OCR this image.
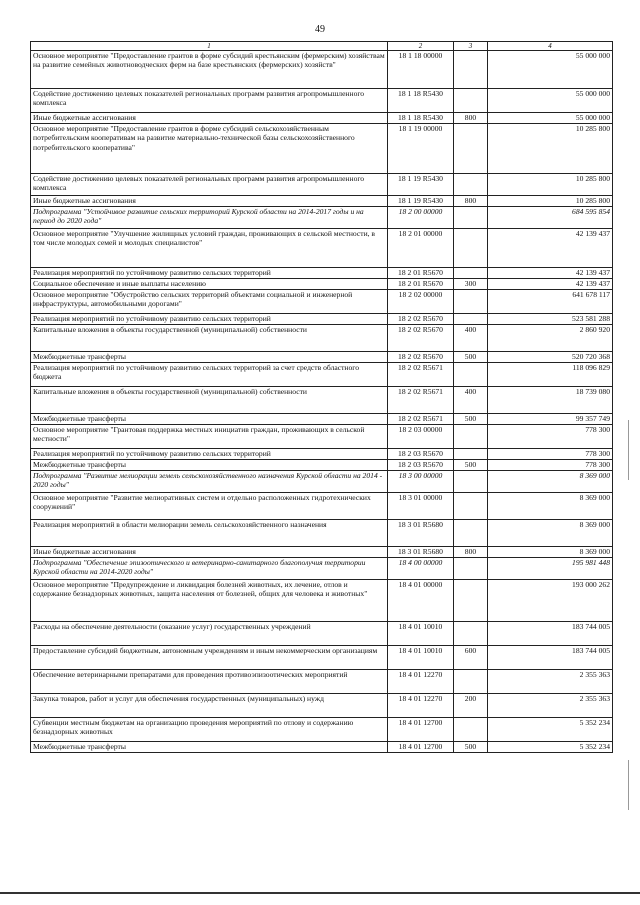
49
1	2	3	4
Основное мероприятие "Предоставление грантов в форме субсидий крестьянским (фермерским) хозяйствам на развитие семейных животноводческих ферм на базе крестьянских (фермерских) хозяйств"	18 1 18 00000		55 000 000
Содействие достижению целевых показателей региональных программ развития агропромышленного комплекса	18 1 18 R5430		55 000 000
Иные бюджетные ассигнования	18 1 18 R5430	800	55 000 000
Основное мероприятие "Предоставление грантов в форме субсидий сельскохозяйственным потребительским кооперативам на развитие материально-технической базы сельскохозяйственного потребительского кооператива"	18 1 19 00000		10 285 800
Содействие достижению целевых показателей региональных программ развития агропромышленного комплекса	18 1 19 R5430		10 285 800
Иные бюджетные ассигнования	18 1 19 R5430	800	10 285 800
Подпрограмма "Устойчивое развитие сельских территорий Курской области на 2014-2017 годы и на период до 2020 года"	18 2 00 00000		684 595 854
Основное мероприятие "Улучшение жилищных условий граждан, проживающих в сельской местности, в том числе молодых семей и молодых специалистов"	18 2 01 00000		42 139 437
Реализация мероприятий по устойчивому развитию сельских территорий	18 2 01 R5670		42 139 437
Социальное обеспечение и иные выплаты населению	18 2 01 R5670	300	42 139 437
Основное мероприятие "Обустройство сельских территорий объектами социальной и инженерной инфраструктуры, автомобильными дорогами"	18 2 02 00000		641 678 117
Реализация мероприятий по устойчивому развитию сельских территорий	18 2 02 R5670		523 581 288
Капитальные вложения в объекты государственной (муниципальной) собственности	18 2 02 R5670	400	2 860 920
Межбюджетные трансферты	18 2 02 R5670	500	520 720 368
Реализация мероприятий по устойчивому развитию сельских территорий за счет средств областного бюджета	18 2 02 R5671		118 096 829
Капитальные вложения в объекты государственной (муниципальной) собственности	18 2 02 R5671	400	18 739 080
Межбюджетные трансферты	18 2 02 R5671	500	99 357 749
Основное мероприятие "Грантовая поддержка местных инициатив граждан, проживающих в сельской местности"	18 2 03 00000		778 300
Реализация мероприятий по устойчивому развитию сельских территорий	18 2 03 R5670		778 300
Межбюджетные трансферты	18 2 03 R5670	500	778 300
Подпрограмма "Развитие мелиорации земель сельскохозяйственного назначения Курской области на 2014 - 2020 годы"	18 3 00 00000		8 369 000
Основное мероприятие "Развитие мелиоративных систем и отдельно расположенных гидротехнических сооружений"	18 3 01 00000		8 369 000
Реализация мероприятий в области мелиорации земель сельскохозяйственного назначения	18 3 01 R5680		8 369 000
Иные бюджетные ассигнования	18 3 01 R5680	800	8 369 000
Подпрограмма "Обеспечение эпизоотического и ветеринарно-санитарного благополучия территории Курской области на 2014-2020 годы"	18 4 00 00000		195 981 448
Основное мероприятие "Предупреждение и ликвидация болезней животных, их лечение, отлов и содержание безнадзорных животных, защита населения от болезней, общих для человека и животных"	18 4 01 00000		193 000 262
Расходы на обеспечение деятельности (оказание услуг) государственных учреждений	18 4 01 10010		183 744 005
Предоставление субсидий бюджетным, автономным учреждениям и иным некоммерческим организациям	18 4 01 10010	600	183 744 005
Обеспечение ветеринарными препаратами для проведения противоэпизоотических мероприятий	18 4 01 12270		2 355 363
Закупка товаров, работ и услуг для обеспечения государственных (муниципальных) нужд	18 4 01 12270	200	2 355 363
Субвенции местным бюджетам на организацию проведения мероприятий по отлову и содержанию безнадзорных животных	18 4 01 12700		5 352 234
Межбюджетные трансферты	18 4 01 12700	500	5 352 234
